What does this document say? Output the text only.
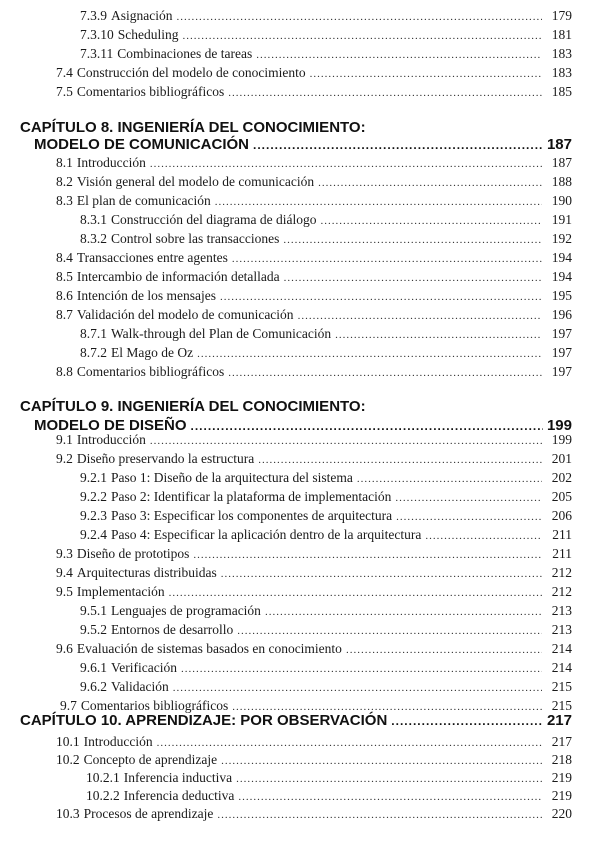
7.3.9 Asignación .....	179
7.3.10 Scheduling .....	181
7.3.11 Combinaciones de tareas .....	183
7.4 Construcción del modelo de conocimiento .....	183
7.5 Comentarios bibliográficos .....	185
CAPÍTULO 8. INGENIERÍA DEL CONOCIMIENTO:
MODELO DE COMUNICACIÓN .....	187
8.1 Introducción .....	187
8.2 Visión general del modelo de comunicación .....	188
8.3 El plan de comunicación .....	190
8.3.1 Construcción del diagrama de diálogo .....	191
8.3.2 Control sobre las transacciones .....	192
8.4 Transacciones entre agentes .....	194
8.5 Intercambio de información detallada .....	194
8.6 Intención de los mensajes .....	195
8.7 Validación del modelo de comunicación .....	196
8.7.1 Walk-through del Plan de Comunicación .....	197
8.7.2 El Mago de Oz .....	197
8.8 Comentarios bibliográficos .....	197
CAPÍTULO 9. INGENIERÍA DEL CONOCIMIENTO:
MODELO DE DISEÑO .....	199
9.1 Introducción .....	199
9.2 Diseño preservando la estructura .....	201
9.2.1 Paso 1: Diseño de la arquitectura del sistema .....	202
9.2.2 Paso 2: Identificar la plataforma de implementación .....	205
9.2.3 Paso 3: Especificar los componentes de arquitectura .....	206
9.2.4 Paso 4: Especificar la aplicación dentro de la arquitectura .....	211
9.3 Diseño de prototipos .....	211
9.4 Arquitecturas distribuidas .....	212
9.5 Implementación .....	212
9.5.1 Lenguajes de programación .....	213
9.5.2 Entornos de desarrollo .....	213
9.6 Evaluación de sistemas basados en conocimiento .....	214
9.6.1 Verificación .....	214
9.6.2 Validación .....	215
9.7 Comentarios bibliográficos .....	215
CAPÍTULO 10. APRENDIZAJE: POR OBSERVACIÓN .....	217
10.1 Introducción .....	217
10.2 Concepto de aprendizaje .....	218
10.2.1 Inferencia inductiva .....	219
10.2.2 Inferencia deductiva .....	219
10.3 Procesos de aprendizaje .....	220
